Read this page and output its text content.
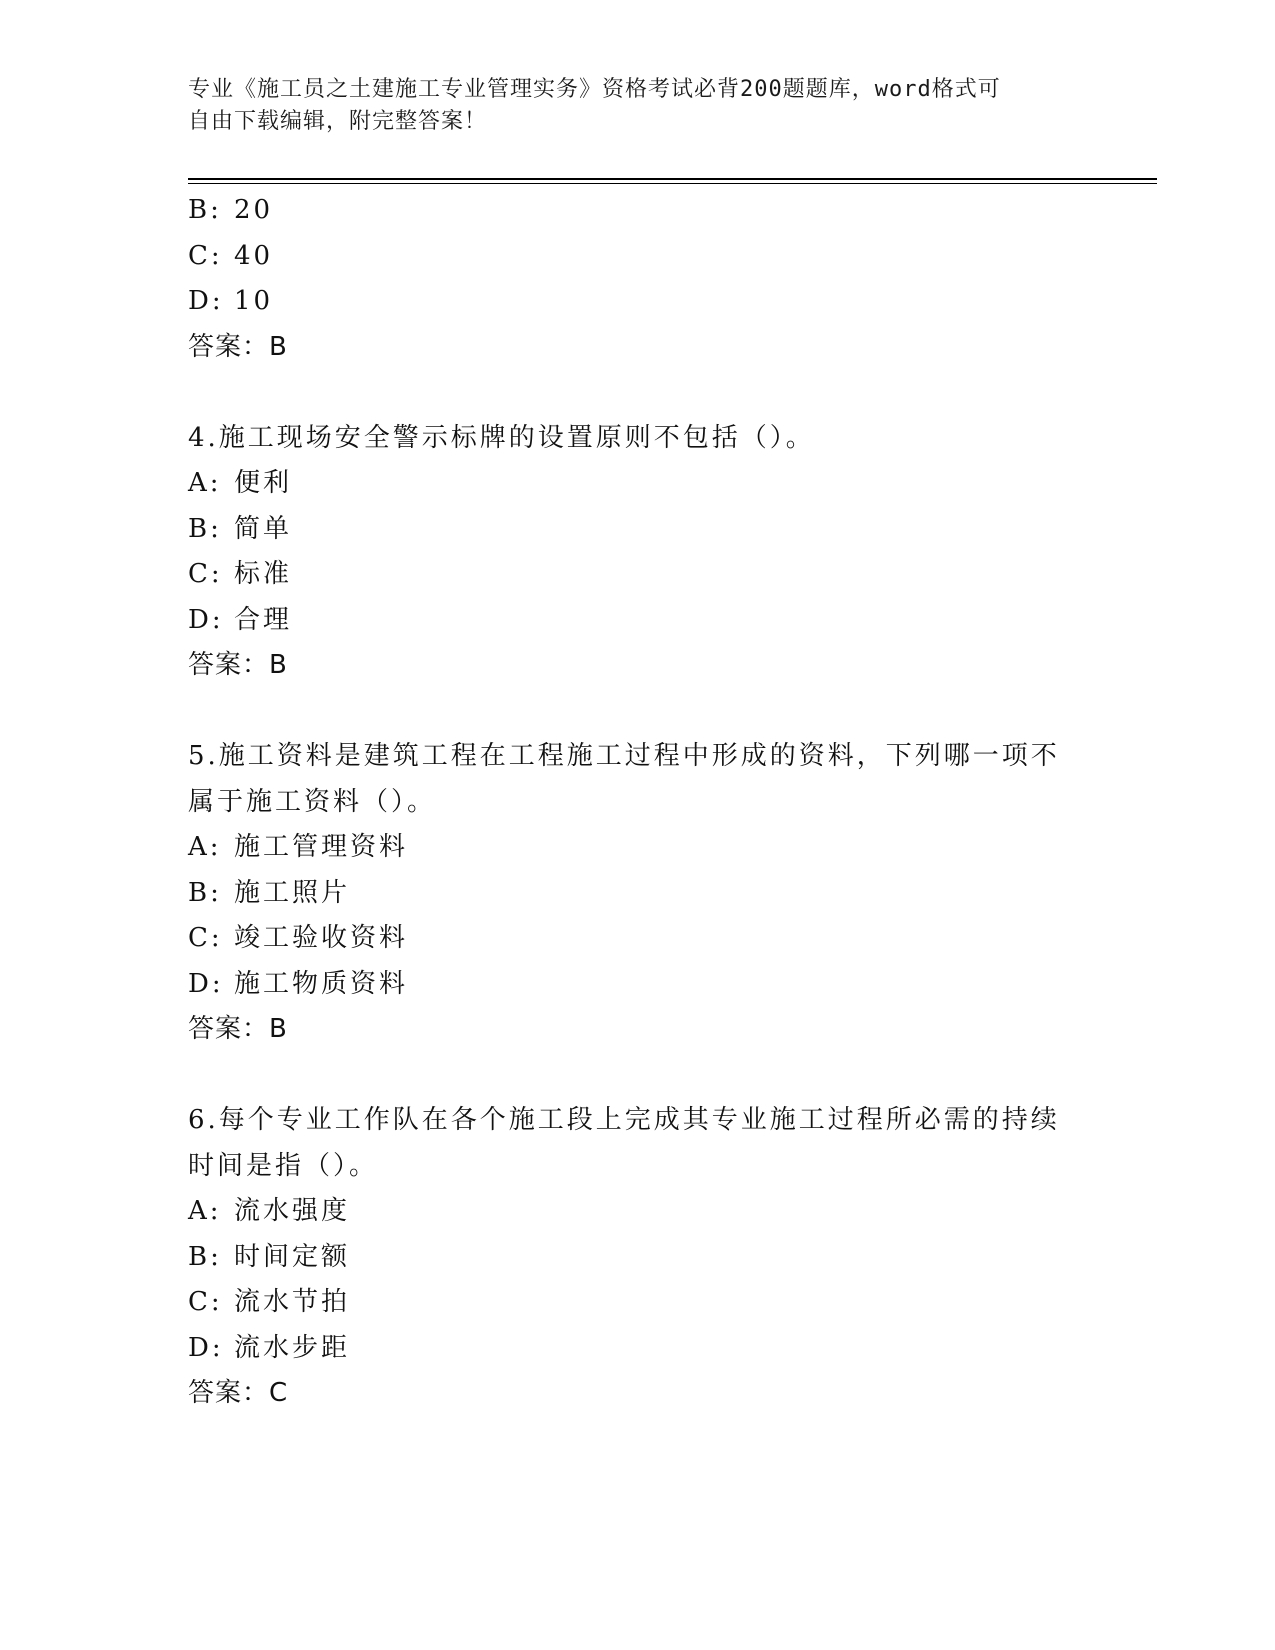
专业《施工员之土建施工专业管理实务》资格考试必背200题题库，word格式可
自由下载编辑，附完整答案！
B: 20
C: 40
D: 10
答案：B
4.施工现场安全警示标牌的设置原则不包括（）。
A: 便利
B: 简单
C: 标准
D: 合理
答案：B
5.施工资料是建筑工程在工程施工过程中形成的资料，下列哪一项不
属于施工资料（）。
A: 施工管理资料
B: 施工照片
C: 竣工验收资料
D: 施工物质资料
答案：B
6.每个专业工作队在各个施工段上完成其专业施工过程所必需的持续
时间是指（）。
A: 流水强度
B: 时间定额
C: 流水节拍
D: 流水步距
答案：C
